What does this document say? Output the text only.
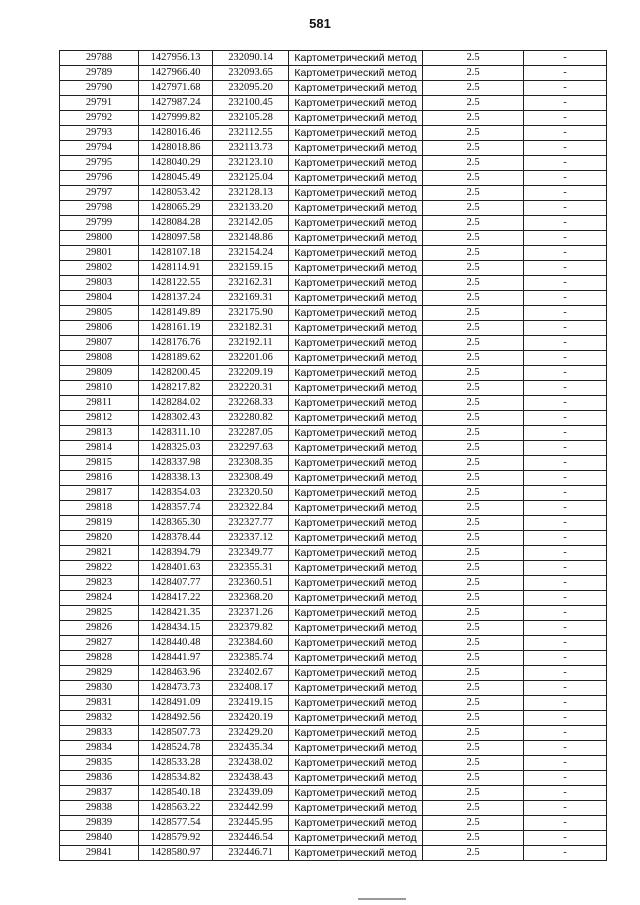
581
29788	1427956.13	232090.14	Картометрический метод	2.5	-
29789	1427966.40	232093.65	Картометрический метод	2.5	-
29790	1427971.68	232095.20	Картометрический метод	2.5	-
29791	1427987.24	232100.45	Картометрический метод	2.5	-
29792	1427999.82	232105.28	Картометрический метод	2.5	-
29793	1428016.46	232112.55	Картометрический метод	2.5	-
29794	1428018.86	232113.73	Картометрический метод	2.5	-
29795	1428040.29	232123.10	Картометрический метод	2.5	-
29796	1428045.49	232125.04	Картометрический метод	2.5	-
29797	1428053.42	232128.13	Картометрический метод	2.5	-
29798	1428065.29	232133.20	Картометрический метод	2.5	-
29799	1428084.28	232142.05	Картометрический метод	2.5	-
29800	1428097.58	232148.86	Картометрический метод	2.5	-
29801	1428107.18	232154.24	Картометрический метод	2.5	-
29802	1428114.91	232159.15	Картометрический метод	2.5	-
29803	1428122.55	232162.31	Картометрический метод	2.5	-
29804	1428137.24	232169.31	Картометрический метод	2.5	-
29805	1428149.89	232175.90	Картометрический метод	2.5	-
29806	1428161.19	232182.31	Картометрический метод	2.5	-
29807	1428176.76	232192.11	Картометрический метод	2.5	-
29808	1428189.62	232201.06	Картометрический метод	2.5	-
29809	1428200.45	232209.19	Картометрический метод	2.5	-
29810	1428217.82	232220.31	Картометрический метод	2.5	-
29811	1428284.02	232268.33	Картометрический метод	2.5	-
29812	1428302.43	232280.82	Картометрический метод	2.5	-
29813	1428311.10	232287.05	Картометрический метод	2.5	-
29814	1428325.03	232297.63	Картометрический метод	2.5	-
29815	1428337.98	232308.35	Картометрический метод	2.5	-
29816	1428338.13	232308.49	Картометрический метод	2.5	-
29817	1428354.03	232320.50	Картометрический метод	2.5	-
29818	1428357.74	232322.84	Картометрический метод	2.5	-
29819	1428365.30	232327.77	Картометрический метод	2.5	-
29820	1428378.44	232337.12	Картометрический метод	2.5	-
29821	1428394.79	232349.77	Картометрический метод	2.5	-
29822	1428401.63	232355.31	Картометрический метод	2.5	-
29823	1428407.77	232360.51	Картометрический метод	2.5	-
29824	1428417.22	232368.20	Картометрический метод	2.5	-
29825	1428421.35	232371.26	Картометрический метод	2.5	-
29826	1428434.15	232379.82	Картометрический метод	2.5	-
29827	1428440.48	232384.60	Картометрический метод	2.5	-
29828	1428441.97	232385.74	Картометрический метод	2.5	-
29829	1428463.96	232402.67	Картометрический метод	2.5	-
29830	1428473.73	232408.17	Картометрический метод	2.5	-
29831	1428491.09	232419.15	Картометрический метод	2.5	-
29832	1428492.56	232420.19	Картометрический метод	2.5	-
29833	1428507.73	232429.20	Картометрический метод	2.5	-
29834	1428524.78	232435.34	Картометрический метод	2.5	-
29835	1428533.28	232438.02	Картометрический метод	2.5	-
29836	1428534.82	232438.43	Картометрический метод	2.5	-
29837	1428540.18	232439.09	Картометрический метод	2.5	-
29838	1428563.22	232442.99	Картометрический метод	2.5	-
29839	1428577.54	232445.95	Картометрический метод	2.5	-
29840	1428579.92	232446.54	Картометрический метод	2.5	-
29841	1428580.97	232446.71	Картометрический метод	2.5	-
